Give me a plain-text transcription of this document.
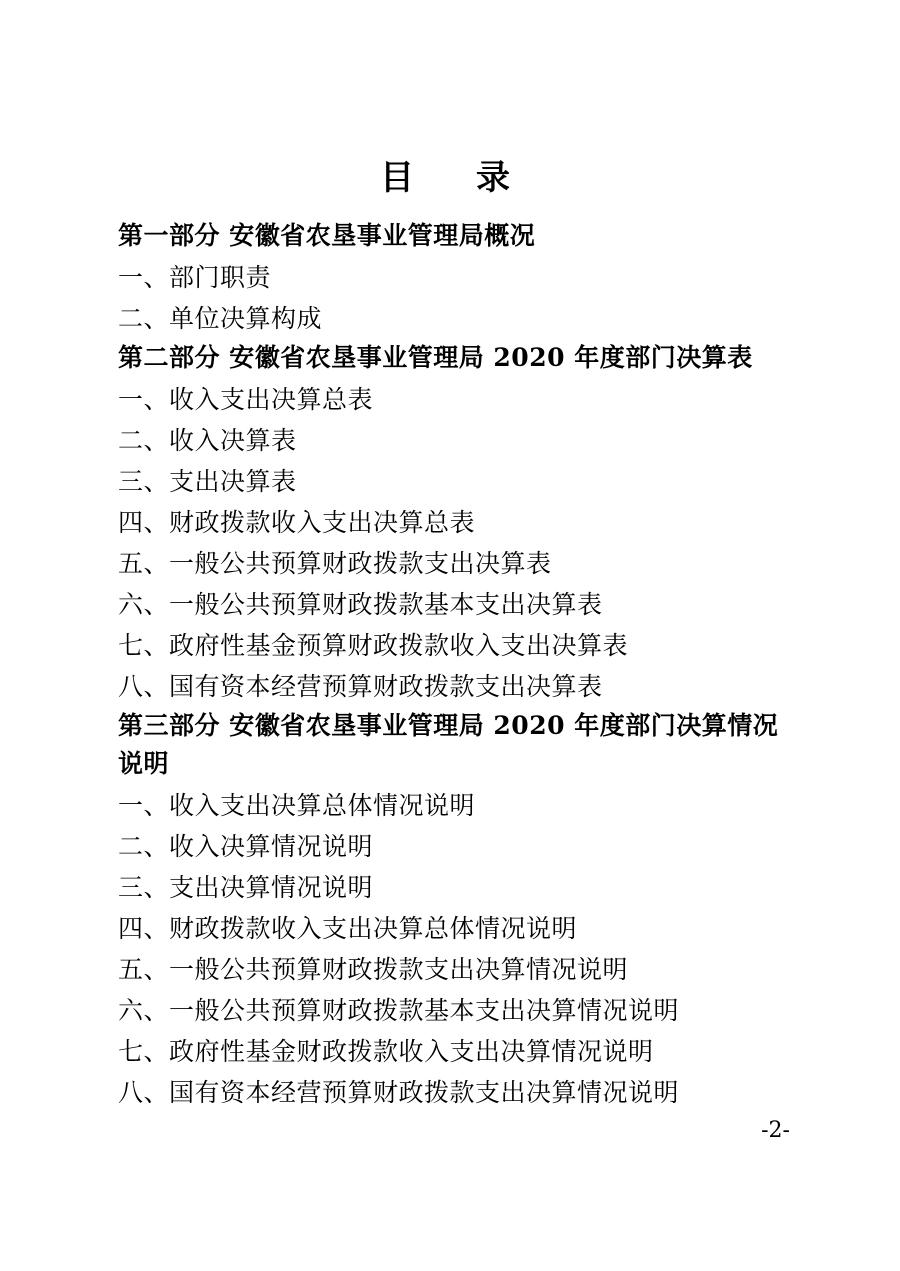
目　录

第一部分 安徽省农垦事业管理局概况

一、部门职责

二、单位决算构成

第二部分 安徽省农垦事业管理局 2020 年度部门决算表

一、收入支出决算总表

二、收入决算表

三、支出决算表

四、财政拨款收入支出决算总表

五、一般公共预算财政拨款支出决算表

六、一般公共预算财政拨款基本支出决算表

七、政府性基金预算财政拨款收入支出决算表

八、国有资本经营预算财政拨款支出决算表

第三部分 安徽省农垦事业管理局 2020 年度部门决算情况说明

一、收入支出决算总体情况说明

二、收入决算情况说明

三、支出决算情况说明

四、财政拨款收入支出决算总体情况说明

五、一般公共预算财政拨款支出决算情况说明

六、一般公共预算财政拨款基本支出决算情况说明

七、政府性基金财政拨款收入支出决算情况说明

八、国有资本经营预算财政拨款支出决算情况说明

-2-
